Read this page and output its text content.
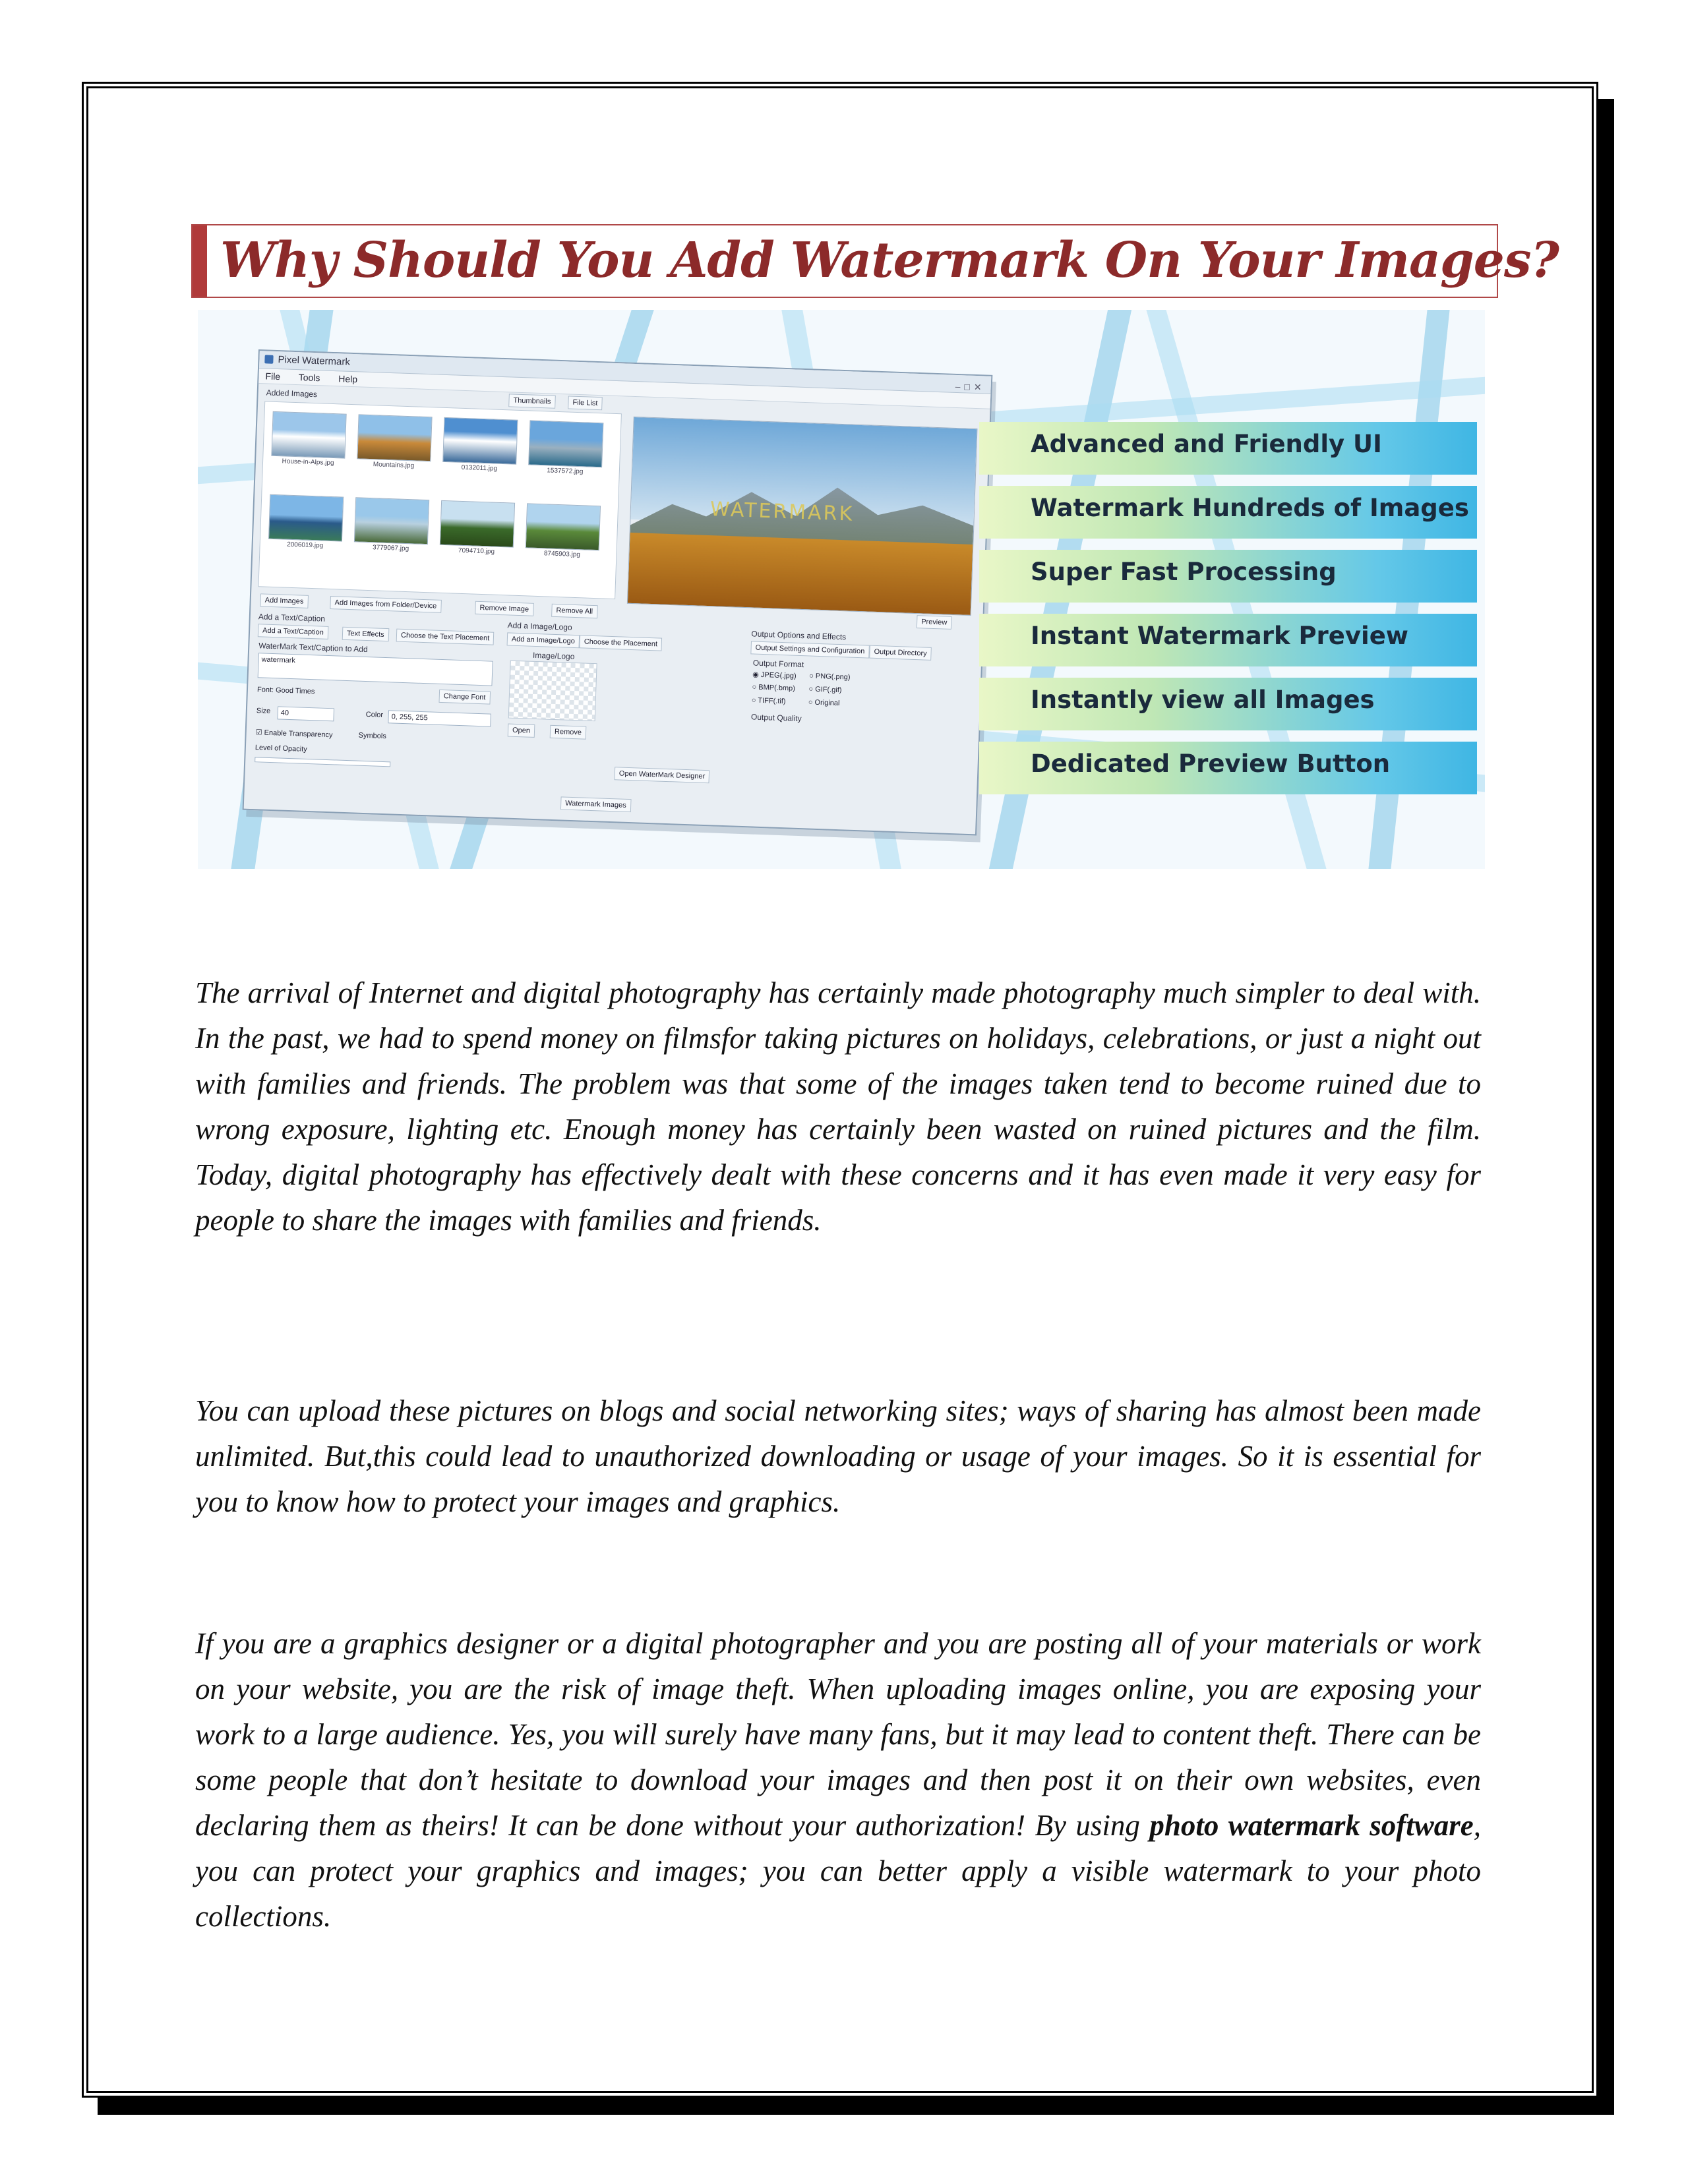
Why Should You Add Watermark On Your Images?
Pixel Watermark
–□✕
File Tools Help
Added Images
Thumbnails	File List
House-in-Alps.jpg	Mountains.jpg	0132011.jpg	1537572.jpg
2006019.jpg	3779067.jpg	7094710.jpg	8745903.jpg
WATERMARK
Add Images	Add Images from Folder/Device	Remove Image	Remove All
Preview
Add a Text/Caption
Add a Text/Caption	Text Effects	Choose the Text Placement
WaterMark Text/Caption to Add
watermark
Font: Good Times
Change Font
Size	40	Color	0, 255, 255
☑ Enable Transparency	Symbols
Level of Opacity
Add a Image/Logo
Add an Image/Logo	Choose the Placement
Image/Logo
Open	Remove
Open WaterMark Designer
Output Options and Effects
Output Settings and Configuration	Output Directory
Output Format
◉ JPEG(.jpg) ○ PNG(.png)
○ BMP(.bmp) ○ GIF(.gif)
○ TIFF(.tif)	○ Original
Output Quality
Watermark Images
Advanced and Friendly UI
Watermark Hundreds of Images
Super Fast Processing
Instant Watermark Preview
Instantly view all Images
Dedicated Preview Button
The arrival of Internet and digital photography has certainly made photography much simpler to deal with. In the past, we had to spend money on filmsfor taking pictures on holidays, celebrations, or just a night out with families and friends. The problem was that some of the images taken tend to become ruined due to wrong exposure, lighting etc. Enough money has certainly been wasted on ruined pictures and the film. Today, digital photography has effectively dealt with these concerns and it has even made it very easy for people to share the images with families and friends.
You can upload these pictures on blogs and social networking sites; ways of sharing has almost been made unlimited. But,this could lead to unauthorized downloading or usage of your images. So it is essential for you to know how to protect your images and graphics.
If you are a graphics designer or a digital photographer and you are posting all of your materials or work on your website, you are the risk of image theft. When uploading images online, you are exposing your work to a large audience. Yes, you will surely have many fans, but it may lead to content theft. There can be some people that don’t hesitate to download your images and then post it on their own websites, even declaring them as theirs! It can be done without your authorization! By using photo watermark software, you can protect your graphics and images; you can better apply a visible watermark to your photo collections.
